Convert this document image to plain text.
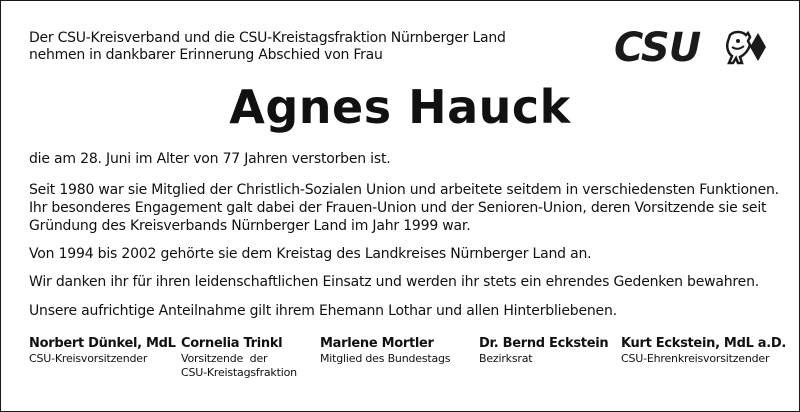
Der CSU-Kreisverband und die CSU-Kreistagsfraktion Nürnberger Land
nehmen in dankbarer Erinnerung Abschied von Frau	CSU
Agnes Hauck

die am 28. Juni im Alter von 77 Jahren verstorben ist.

Seit 1980 war sie Mitglied der Christlich-Sozialen Union und arbeitete seitdem in verschiedensten Funktionen.
Ihr besonderes Engagement galt dabei der Frauen-Union und der Senioren-Union, deren Vorsitzende sie seit
Gründung des Kreisverbands Nürnberger Land im Jahr 1999 war.

Von 1994 bis 2002 gehörte sie dem Kreistag des Landkreises Nürnberger Land an.

Wir danken ihr für ihren leidenschaftlichen Einsatz und werden ihr stets ein ehrendes Gedenken bewahren.

Unsere aufrichtige Anteilnahme gilt ihrem Ehemann Lothar und allen Hinterbliebenen.

Norbert Dünkel, MdL
CSU-Kreisvorsitzender
Cornelia Trinkl
Vorsitzende  der
CSU-Kreistagsfraktion
Marlene Mortler
Mitglied des Bundestags
Dr. Bernd Eckstein
Bezirksrat
Kurt Eckstein, MdL a.D.
CSU-Ehrenkreisvorsitzender
